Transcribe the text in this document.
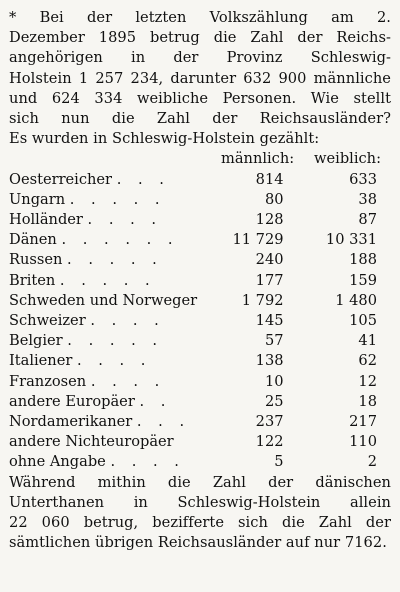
* Bei der letzten Volkszählung am 2.
Dezember 1895 betrug die Zahl der Reichs-
angehörigen in der Provinz Schleswig-
Holstein 1 257 234, darunter 632 900 männliche
und 624 334 weibliche Personen. Wie stellt
sich nun die Zahl der Reichsausländer?
Es wurden in Schleswig-Holstein gezählt:
männlich:	weiblich:
Oesterreicher . . .	814	633
Ungarn . . . . .	80	38
Holländer . . . .	128	87
Dänen . . . . . .	11 729	10 331
Russen . . . . .	240	188
Briten . . . . .	177	159
Schweden und Norweger	1 792	1 480
Schweizer . . . .	145	105
Belgier . . . . .	57	41
Italiener . . . .	138	62
Franzosen . . . .	10	12
andere Europäer . .	25	18
Nordamerikaner . . .	237	217
andere Nichteuropäer	122	110
ohne Angabe . . . .	5	2
Während mithin die Zahl der dänischen
Unterthanen in Schleswig-Holstein allein
22 060 betrug, bezifferte sich die Zahl der
sämtlichen übrigen Reichsausländer auf nur 7162.
